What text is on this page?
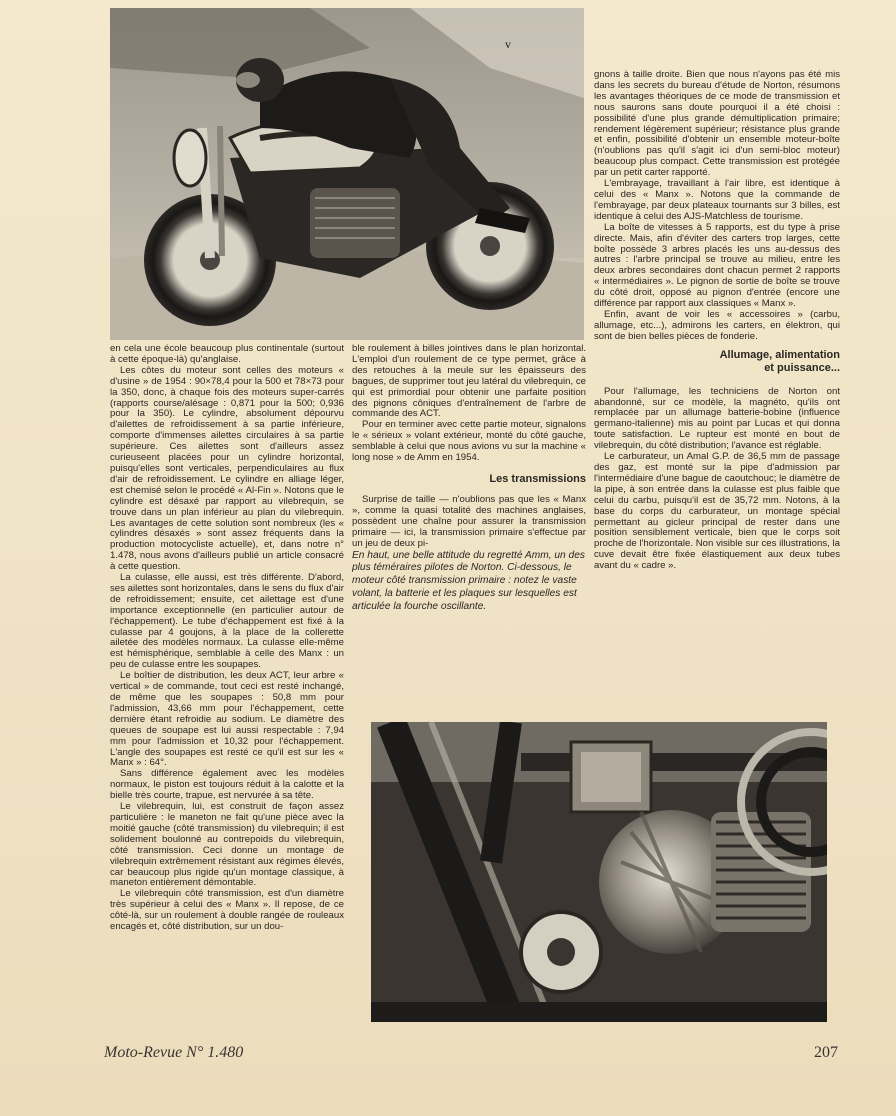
v

en cela une école beaucoup plus continentale (surtout à cette époque-là) qu'anglaise.

Les côtes du moteur sont celles des moteurs « d'usine » de 1954 : 90×78,4 pour la 500 et 78×73 pour la 350, donc, à chaque fois des moteurs super-carrés (rapports course/alésage : 0,871 pour la 500; 0,936 pour la 350). Le cylindre, absolument dépourvu d'ailettes de refroidissement à sa partie inférieure, comporte d'immenses ailettes circulaires à sa partie supérieure. Ces ailettes sont d'ailleurs assez curieuseent placées pour un cylindre horizontal, puisqu'elles sont verticales, perpendiculaires au flux d'air de refroidissement. Le cylindre en alliage léger, est chemisé selon le procédé « Al-Fin ». Notons que le cylindre est désaxé par rapport au vilebrequin, se trouve dans un plan inférieur au plan du vilebrequin. Les avantages de cette solution sont nombreux (les « cylindres désaxés » sont assez fréquents dans la production motocycliste actuelle), et, dans notre n° 1.478, nous avons d'ailleurs publié un article consacré à cette question.

La culasse, elle aussi, est très différente. D'abord, ses ailettes sont horizontales, dans le sens du flux d'air de refroidissement; ensuite, cet ailettage est d'une importance exceptionnelle (en particulier autour de l'échappement). Le tube d'échappement est fixé à la culasse par 4 goujons, à la place de la collerette ailetée des modèles normaux. La culasse elle-même est hémisphérique, semblable à celle des Manx : un peu de culasse entre les soupapes.

Le boîtier de distribution, les deux ACT, leur arbre « vertical » de commande, tout ceci est resté inchangé, de même que les soupapes : 50,8 mm pour l'admission, 43,66 mm pour l'échappement, cette dernière étant refroidie au sodium. Le diamètre des queues de soupape est lui aussi respectable : 7,94 mm pour l'admission et 10,32 pour l'échappement. L'angle des soupapes est resté ce qu'il est sur les « Manx » : 64°.

Sans différence également avec les modèles normaux, le piston est toujours réduit à la calotte et la bielle très courte, trapue, est nervurée à sa tête.

Le vilebrequin, lui, est construit de façon assez particulière : le maneton ne fait qu'une pièce avec la moitié gauche (côté transmission) du vilebrequin; il est solidement boulonné au contrepoids du vilebrequin, côté transmission. Ceci donne un montage de vilebrequin extrêmement résistant aux régimes élevés, car beaucoup plus rigide qu'un montage classique, à maneton entièrement démontable.

Le vilebrequin côté transmission, est d'un diamètre très supérieur à celui des « Manx ». Il repose, de ce côté-là, sur un roulement à double rangée de rouleaux encagés et, côté distribution, sur un dou-

ble roulement à billes jointives dans le plan horizontal. L'emploi d'un roulement de ce type permet, grâce à des retouches à la meule sur les épaisseurs des bagues, de supprimer tout jeu latéral du vilebrequin, ce qui est primordial pour obtenir une parfaite position des pignons côniques d'entraînement de l'arbre de commande des ACT.

Pour en terminer avec cette partie moteur, signalons le « sérieux » volant extérieur, monté du côté gauche, semblable à celui que nous avions vu sur la machine « long nose » de Amm en 1954.

Les transmissions

Surprise de taille — n'oublions pas que les « Manx », comme la quasi totalité des machines anglaises, possèdent une chaîne pour assurer la transmission primaire — ici, la transmission primaire s'effectue par un jeu de deux pi-

En haut, une belle attitude du regretté Amm, un des plus téméraires pilotes de Norton. Ci-dessous, le moteur côté transmission primaire : notez le vaste volant, la batterie et les plaques sur lesquelles est articulée la fourche oscillante.

gnons à taille droite. Bien que nous n'ayons pas été mis dans les secrets du bureau d'étude de Norton, résumons les avantages théoriques de ce mode de transmission et nous saurons sans doute pourquoi il a été choisi : possibilité d'une plus grande démultiplication primaire; rendement légèrement supérieur; résistance plus grande et enfin, possibilité d'obtenir un ensemble moteur-boîte (n'oublions pas qu'il s'agit ici d'un semi-bloc moteur) beaucoup plus compact. Cette transmission est protégée par un petit carter rapporté.

L'embrayage, travaillant à l'air libre, est identique à celui des « Manx ». Notons que la commande de l'embrayage, par deux plateaux tournants sur 3 billes, est identique à celui des AJS-Matchless de tourisme.

La boîte de vitesses à 5 rapports, est du type à prise directe. Mais, afin d'éviter des carters trop larges, cette boîte possède 3 arbres placés les uns au-dessus des autres : l'arbre principal se trouve au milieu, entre les deux arbres secondaires dont chacun permet 2 rapports « intermédiaires ». Le pignon de sortie de boîte se trouve du côté droit, opposé au pignon d'entrée (encore une différence par rapport aux classiques « Manx ».

Enfin, avant de voir les « accessoires » (carbu, allumage, etc...), admirons les carters, en élektron, qui sont de bien belles pièces de fonderie.

Allumage, alimentation
et puissance...

Pour l'allumage, les techniciens de Norton ont abandonné, sur ce modèle, la magnéto, qu'ils ont remplacée par un allumage batterie-bobine (influence germano-italienne) mis au point par Lucas et qui donna toute satisfaction. Le rupteur est monté en bout de vilebrequin, du côté distribution; l'avance est réglable.

Le carburateur, un Amal G.P. de 36,5 mm de passage des gaz, est monté sur la pipe d'admission par l'intermédiaire d'une bague de caoutchouc; le diamètre de la pipe, à son entrée dans la culasse est plus faible que celui du carbu, puisqu'il est de 35,72 mm. Notons, à la base du corps du carburateur, un montage spécial permettant au gicleur principal de rester dans une position sensiblement verticale, bien que le corps soit proche de l'horizontale. Non visible sur ces illustrations, la cuve devait être fixée élastiquement aux deux tubes avant du « cadre ».

Moto-Revue N° 1.480	207
